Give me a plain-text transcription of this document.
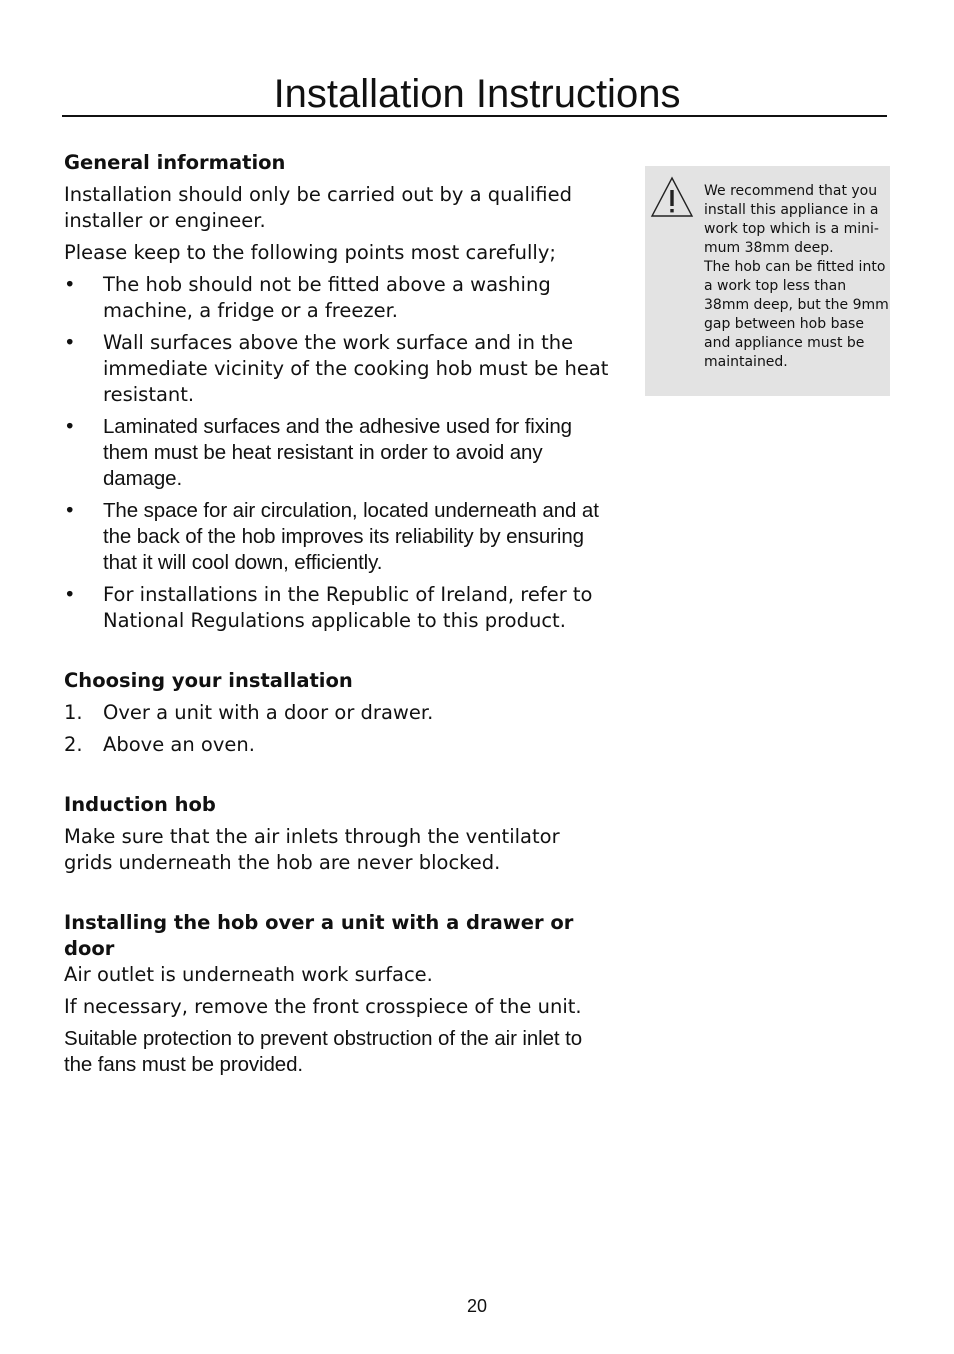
Installation Instructions
General information

Installation should only be carried out by a qualified installer or engineer.

Please keep to the following points most carefully;

•	The hob should not be fitted above a washing machine, a fridge or a freezer.
•	Wall surfaces above the work surface and in the immediate vicinity of the cooking hob must be heat resistant.
•	Laminated surfaces and the adhesive used for fixing them must be heat resistant in order to avoid any damage.
•	The space for air circulation, located underneath and at the back of the hob improves its reliability by ensuring that it will cool down, efficiently.
•	For installations in the Republic of Ireland, refer to National Regulations applicable to this product.
Choosing your installation
1.	Over a unit with a door or drawer.
2.	Above an oven.
Induction hob

Make sure that the air inlets through the ventilator grids underneath the hob are never blocked.

Installing the hob over a unit with a drawer or door

Air outlet is underneath work surface.

If necessary, remove the front crosspiece of the unit.

Suitable protection to prevent obstruction of the air inlet to the fans must be provided.

We recommend that you install this appliance in a work top which is a mini-mum 38mm deep.
The hob can be fitted into a work top less than 38mm deep, but the 9mm gap between hob base and appliance must be maintained.
20
